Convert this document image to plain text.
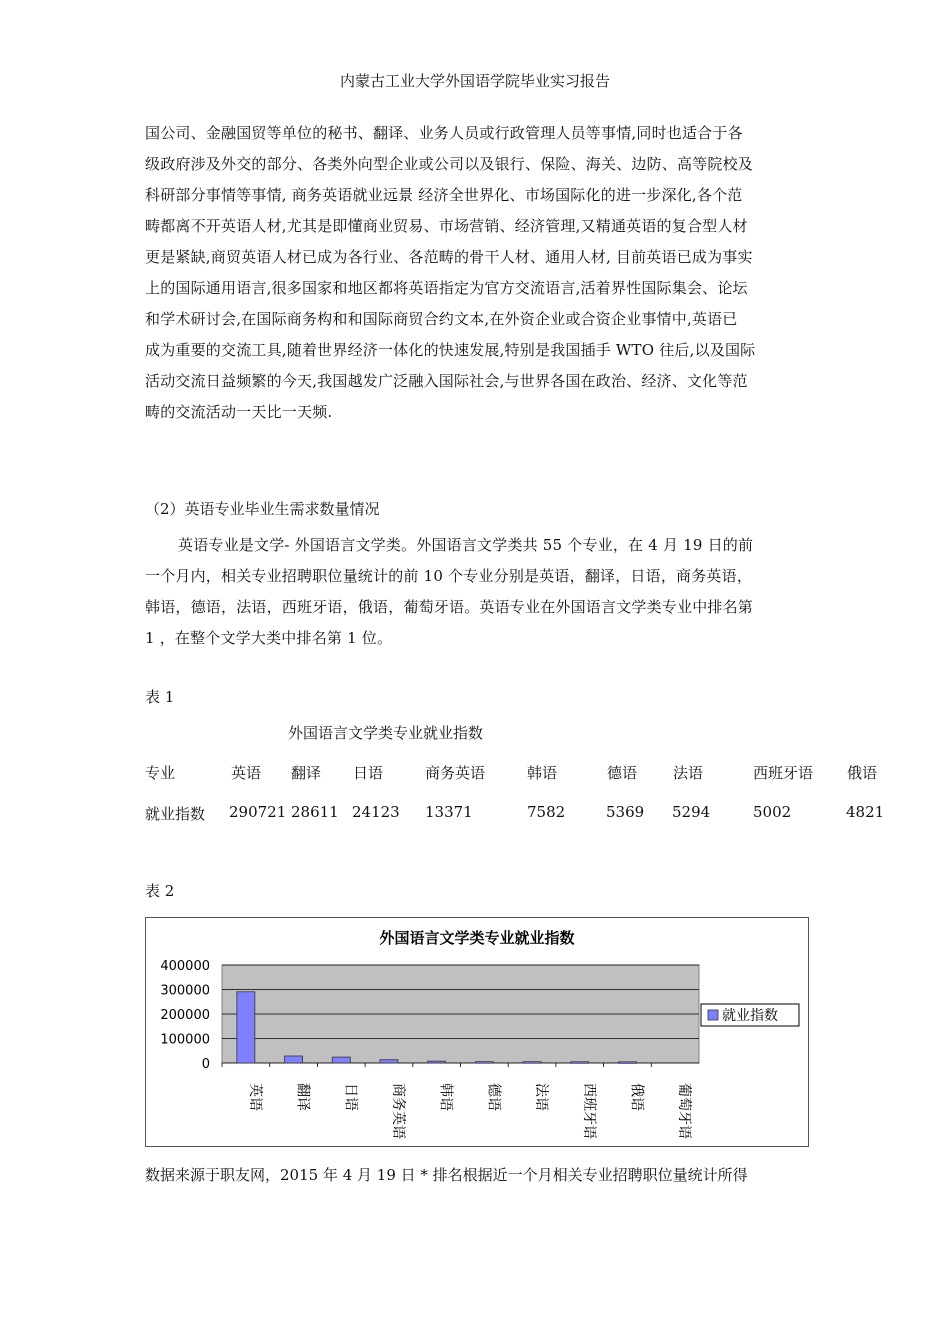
内蒙古工业大学外国语学院毕业实习报告
国公司、金融国贸等单位的秘书、翻译、业务人员或行政管理人员等事情,同时也适合于各
级政府涉及外交的部分、各类外向型企业或公司以及银行、保险、海关、边防、高等院校及
科研部分事情等事情, 商务英语就业远景 经济全世界化、市场国际化的进一步深化,各个范
畴都离不开英语人材,尤其是即懂商业贸易、市场营销、经济管理,又精通英语的复合型人材
更是紧缺,商贸英语人材已成为各行业、各范畴的骨干人材、通用人材, 目前英语已成为事实
上的国际通用语言,很多国家和地区都将英语指定为官方交流语言,活着界性国际集会、论坛
和学术研讨会,在国际商务构和和国际商贸合约文本,在外资企业或合资企业事情中,英语已
成为重要的交流工具,随着世界经济一体化的快速发展,特别是我国插手 WTO 往后,以及国际
活动交流日益频繁的今天,我国越发广泛融入国际社会,与世界各国在政治、经济、文化等范
畴的交流活动一天比一天频.
（2）英语专业毕业生需求数量情况
英语专业是文学- 外国语言文学类。外国语言文学类共 55 个专业，在 4 月 19 日的前
一个月内，相关专业招聘职位量统计的前 10 个专业分别是英语，翻译，日语，商务英语，
韩语，德语，法语，西班牙语，俄语，葡萄牙语。英语专业在外国语言文学类专业中排名第
1 ，在整个文学大类中排名第 1 位。
表 1
外国语言文学类专业就业指数
专业	英语 翻译 日语	商务英语	韩语	德语 法语	西班牙语 俄语
就业指数 290721 28611 24123 13371	7582	5369 5294	5002	4821
表 2
外国语言文学类专业就业指数
0
100000
200000
300000
400000
英语 翻译 日语 商务英语 韩语 德语 法语 西班牙语 俄语 葡萄牙语
就业指数
数据来源于职友网，2015 年 4 月 19 日 * 排名根据近一个月相关专业招聘职位量统计所得
